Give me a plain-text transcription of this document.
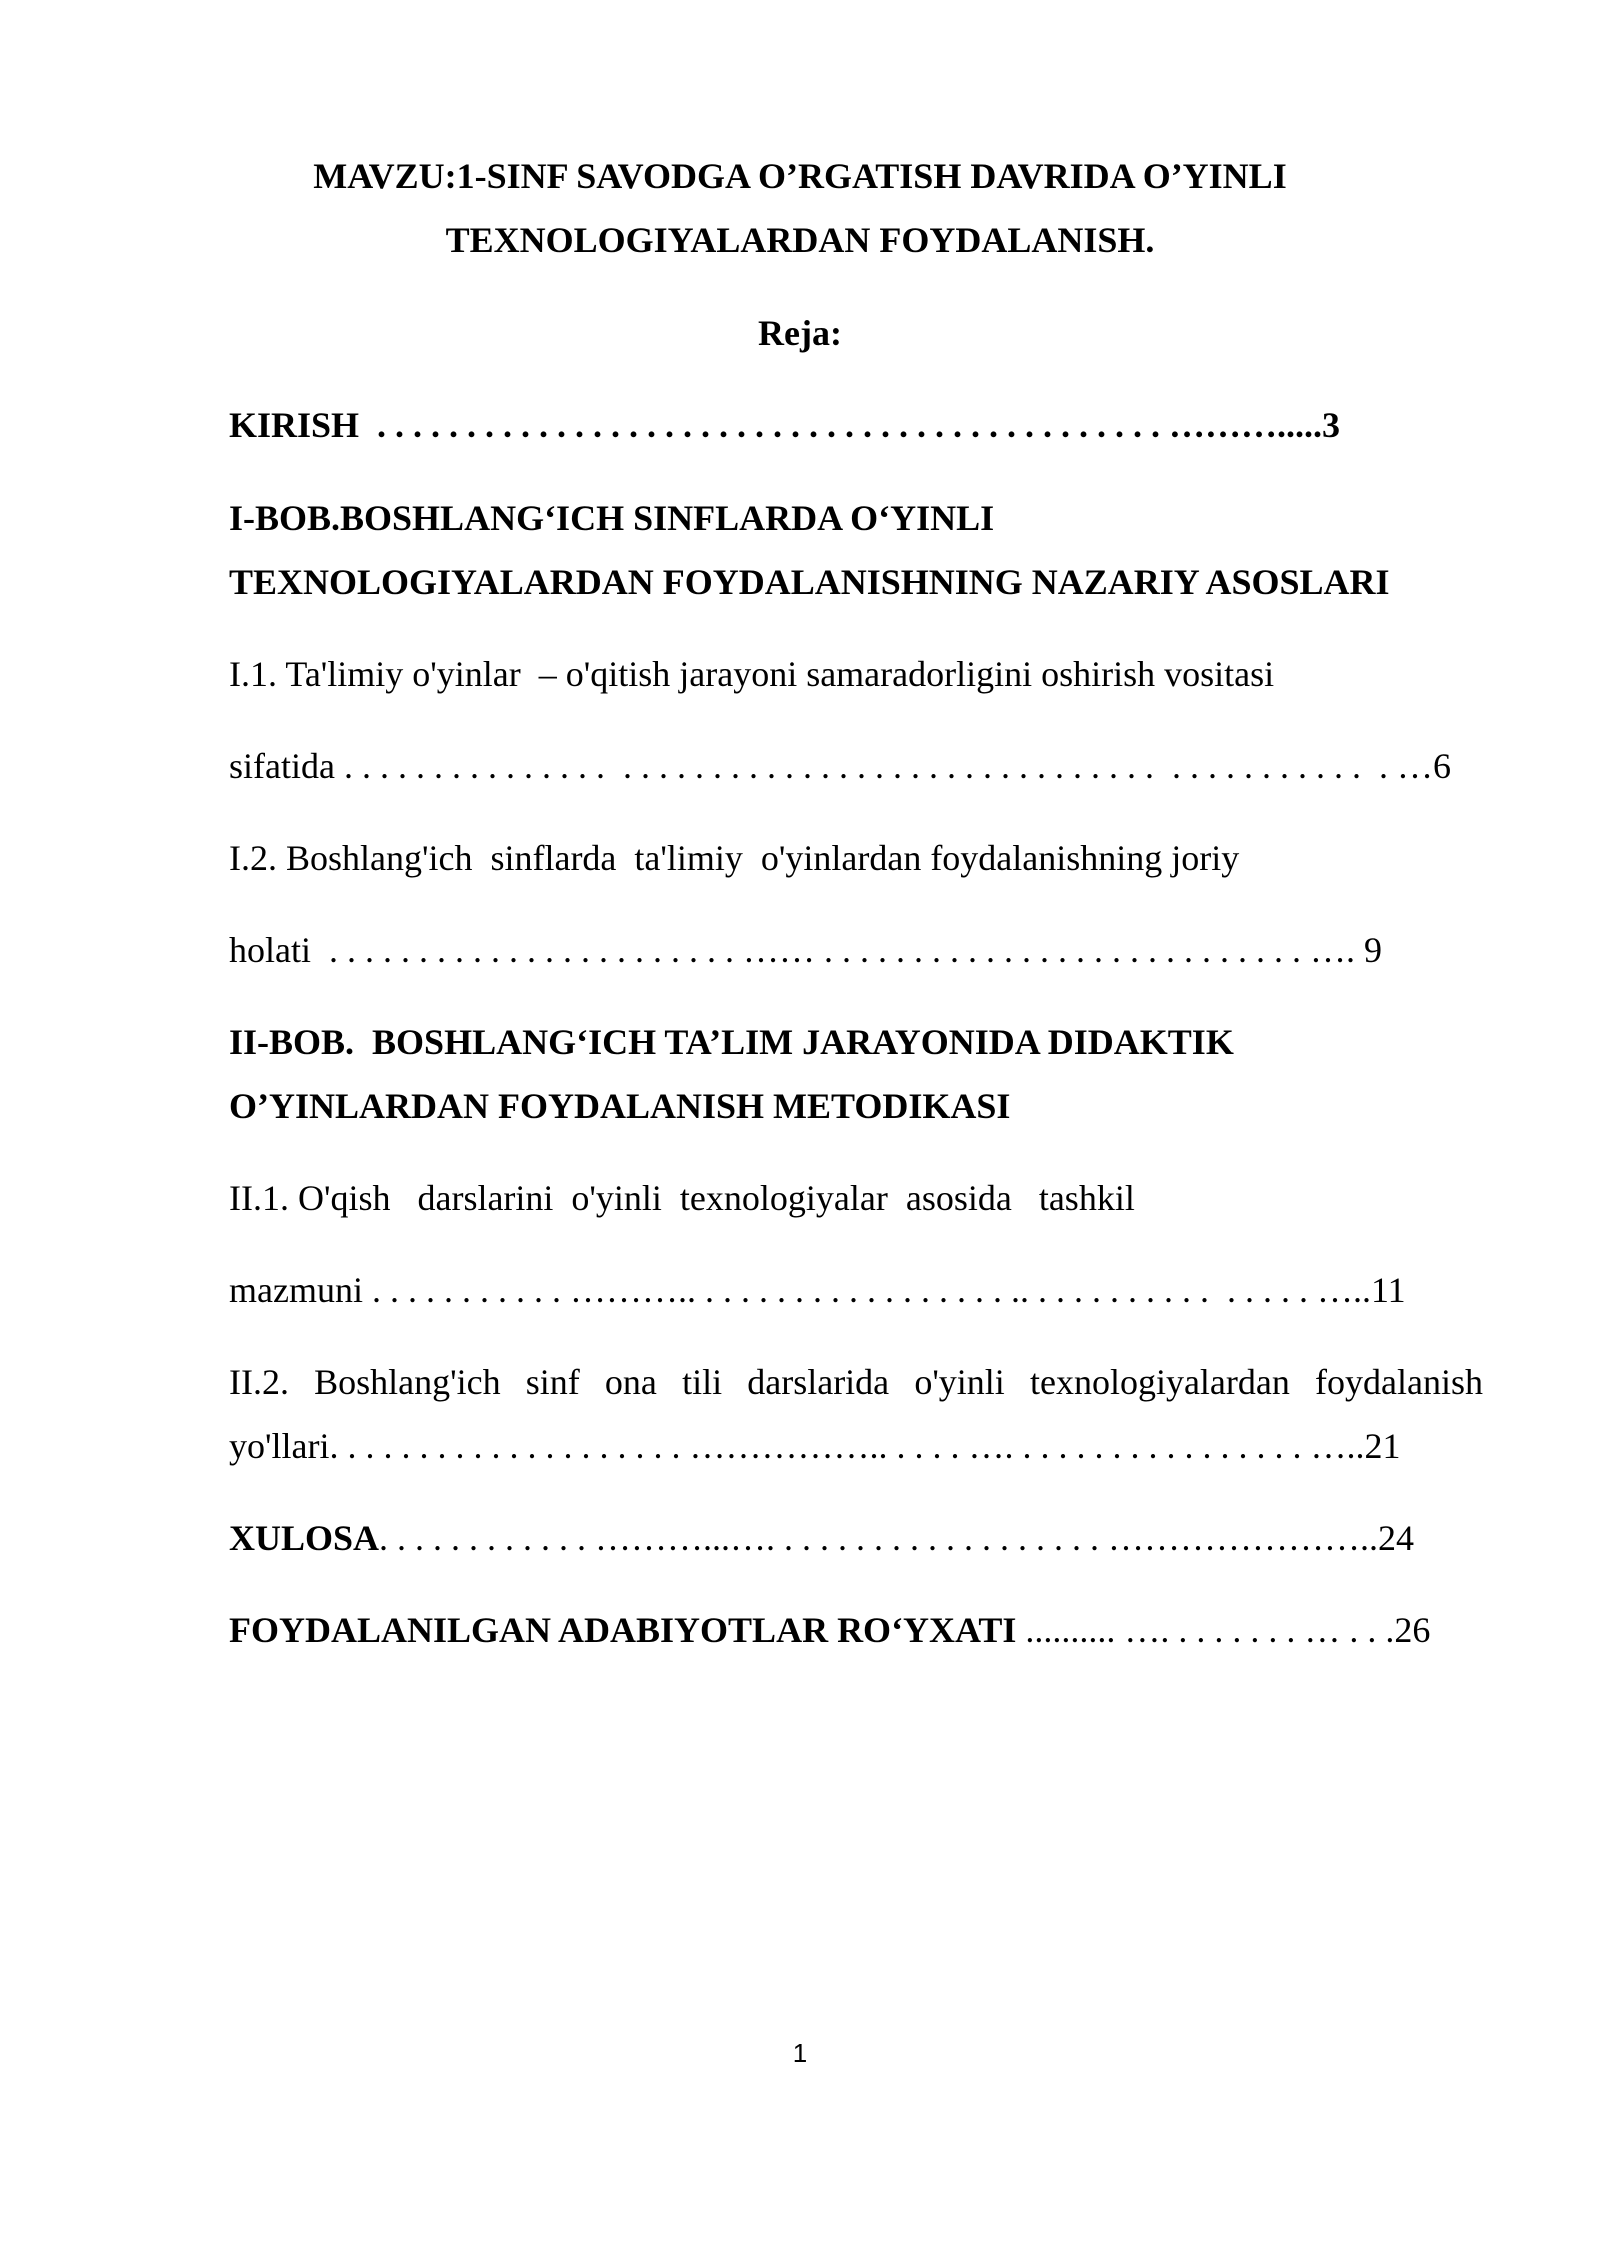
MAVZU:1-SINF SAVODGA O’RGATISH DAVRIDA O’YINLI
TEXNOLOGIYALARDAN FOYDALANISH.
Reja:
KIRISH  . . . . . . . . . . . . . . . . . . . . . . . . . . . . . . . . . . . . . . . . . . . . ……….....3
I-BOB.BOSHLANG‘ICH SINFLARDA O‘YINLI
TEXNOLOGIYALARDAN FOYDALANISHNING NAZARIY ASOSLARI
I.1. Ta'limiy o'yinlar  – o'qitish jarayoni samaradorligini oshirish vositasi
sifatida . . . . . . . . . . . . . . .  . . . . . . . . . . . . . . . . . . . . . . . . . . . . . .  . . . . . . . . . . .  . …6
I.2. Boshlang'ich  sinflarda  ta'limiy  o'yinlardan foydalanishning joriy
holati  . . . . . . . . . . . . . . . . . . . . . . . …… . . . . . . . . . . . . . . . . . . . . . . . . . . . …. 9
II-BOB.  BOSHLANG‘ICH TA’LIM JARAYONIDA DIDAKTIK
O’YINLARDAN FOYDALANISH METODIKASI
II.1. O'qish   darslarini  o'yinli  texnologiyalar  asosida   tashkil
mazmuni . . . . . . . . . . . ……….. . . . . . . . . . . . . . . . . . .. . . . . . . . . . .  . . . . . …..11
II.2. Boshlang'ich sinf ona tili darslarida o'yinli texnologiyalardan foydalanish
yo'llari. . . . . . . . . . . . . . . . . . . . …………….. . . . . …. . . . . . . . . . . . . . . . . …..21
XULOSA. . . . . . . . . . . . ………...…. . . . . . . . . . . . . . . . . . . …………………..24
FOYDALANILGAN ADABIYOTLAR RO‘YXATI .......... …. . . . . . . . … . . .26
1
